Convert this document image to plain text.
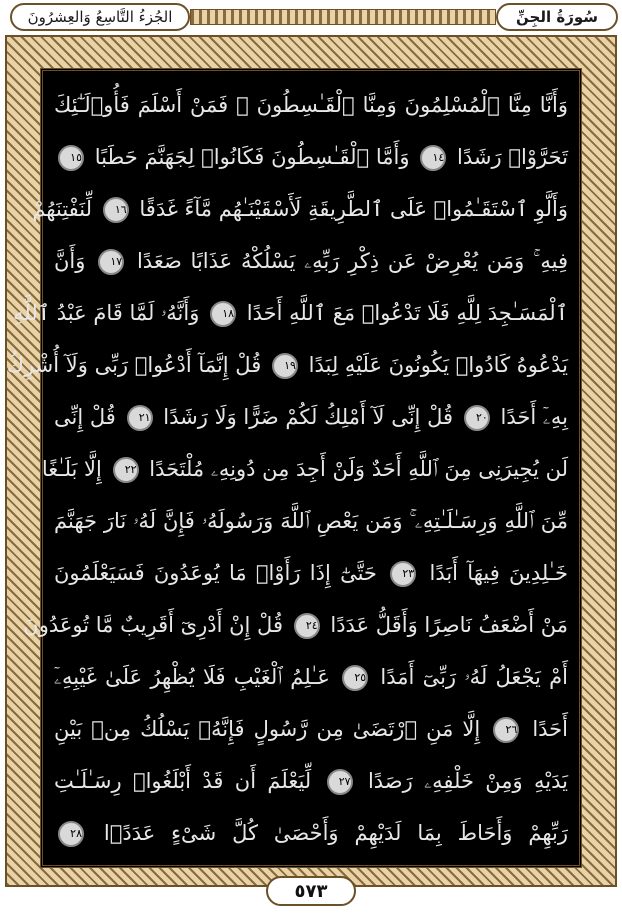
سُورَةُ الجِنِّ
الجُزءُ التَّاسِعُ وَالعِشرُونَ
وَأَنَّا مِنَّا ٱلْمُسْلِمُونَ وَمِنَّا ٱلْقَـٰسِطُونَ ۖ فَمَنْ أَسْلَمَ فَأُو۟لَـٰٓئِكَ
تَحَرَّوْا۟ رَشَدًا ١٤ وَأَمَّا ٱلْقَـٰسِطُونَ فَكَانُوا۟ لِجَهَنَّمَ حَطَبًا ١٥
وَأَلَّوِ ٱسْتَقَـٰمُوا۟ عَلَى ٱلطَّرِيقَةِ لَأَسْقَيْنَـٰهُم مَّآءً غَدَقًا ١٦ لِّنَفْتِنَهُمْ
فِيهِ ۚ وَمَن يُعْرِضْ عَن ذِكْرِ رَبِّهِۦ يَسْلُكْهُ عَذَابًا صَعَدًا ١٧ وَأَنَّ
ٱلْمَسَـٰجِدَ لِلَّهِ فَلَا تَدْعُوا۟ مَعَ ٱللَّهِ أَحَدًا ١٨ وَأَنَّهُۥ لَمَّا قَامَ عَبْدُ ٱللَّهِ
يَدْعُوهُ كَادُوا۟ يَكُونُونَ عَلَيْهِ لِبَدًا ١٩ قُلْ إِنَّمَآ أَدْعُوا۟ رَبِّى وَلَآ أُشْرِكُ
بِهِۦٓ أَحَدًا ٢٠ قُلْ إِنِّى لَآ أَمْلِكُ لَكُمْ ضَرًّا وَلَا رَشَدًا ٢١ قُلْ إِنِّى
لَن يُجِيرَنِى مِنَ ٱللَّهِ أَحَدٌ وَلَنْ أَجِدَ مِن دُونِهِۦ مُلْتَحَدًا ٢٢ إِلَّا بَلَـٰغًا
مِّنَ ٱللَّهِ وَرِسَـٰلَـٰتِهِۦ ۚ وَمَن يَعْصِ ٱللَّهَ وَرَسُولَهُۥ فَإِنَّ لَهُۥ نَارَ جَهَنَّمَ
خَـٰلِدِينَ فِيهَآ أَبَدًا ٢٣ حَتَّىٰٓ إِذَا رَأَوْا۟ مَا يُوعَدُونَ فَسَيَعْلَمُونَ
مَنْ أَضْعَفُ نَاصِرًا وَأَقَلُّ عَدَدًا ٢٤ قُلْ إِنْ أَدْرِىٓ أَقَرِيبٌ مَّا تُوعَدُونَ
أَمْ يَجْعَلُ لَهُۥ رَبِّىٓ أَمَدًا ٢٥ عَـٰلِمُ ٱلْغَيْبِ فَلَا يُظْهِرُ عَلَىٰ غَيْبِهِۦٓ
أَحَدًا ٢٦ إِلَّا مَنِ ٱرْتَضَىٰ مِن رَّسُولٍ فَإِنَّهُۥ يَسْلُكُ مِنۢ بَيْنِ
يَدَيْهِ وَمِنْ خَلْفِهِۦ رَصَدًا ٢٧ لِّيَعْلَمَ أَن قَدْ أَبْلَغُوا۟ رِسَـٰلَـٰتِ
رَبِّهِمْ وَأَحَاطَ بِمَا لَدَيْهِمْ وَأَحْصَىٰ كُلَّ شَىْءٍ عَدَدًۢا ٢٨
٥٧٣
